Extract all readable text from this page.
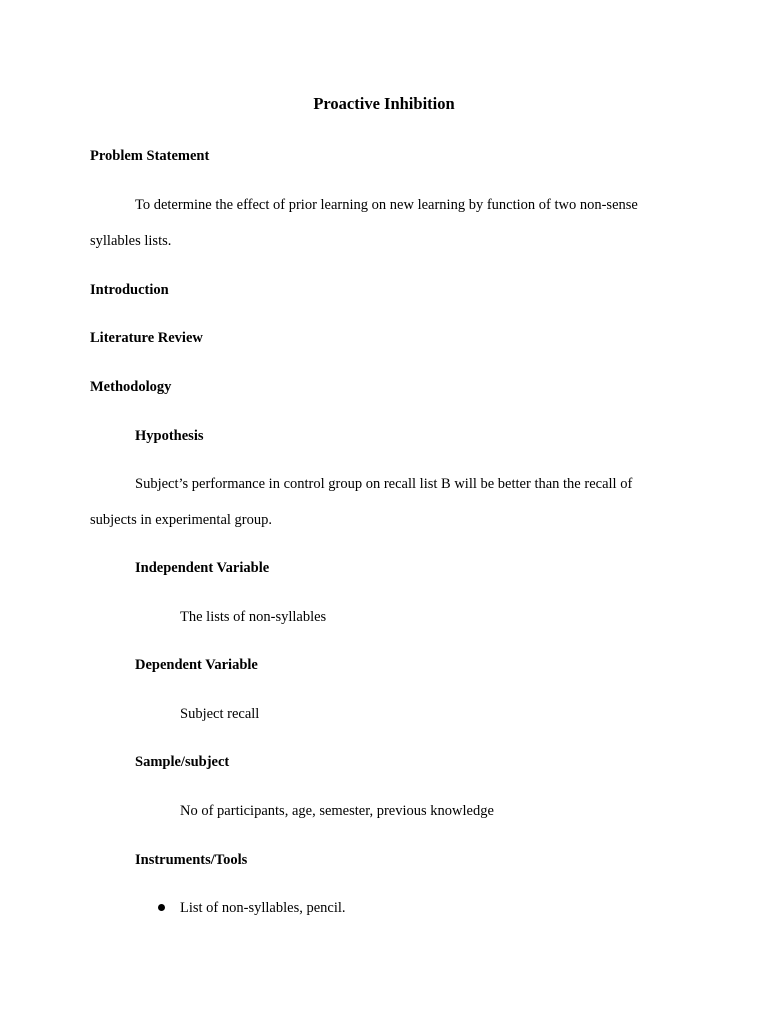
Proactive Inhibition
Problem Statement
To determine the effect of prior learning on new learning by function of two non-sense
syllables lists.
Introduction
Literature Review
Methodology
Hypothesis
Subject’s performance in control group on recall list B will be better than the recall of
subjects in experimental group.
Independent Variable
The lists of non-syllables
Dependent Variable
Subject recall
Sample/subject
No of participants, age, semester, previous knowledge
Instruments/Tools
List of non-syllables, pencil.
